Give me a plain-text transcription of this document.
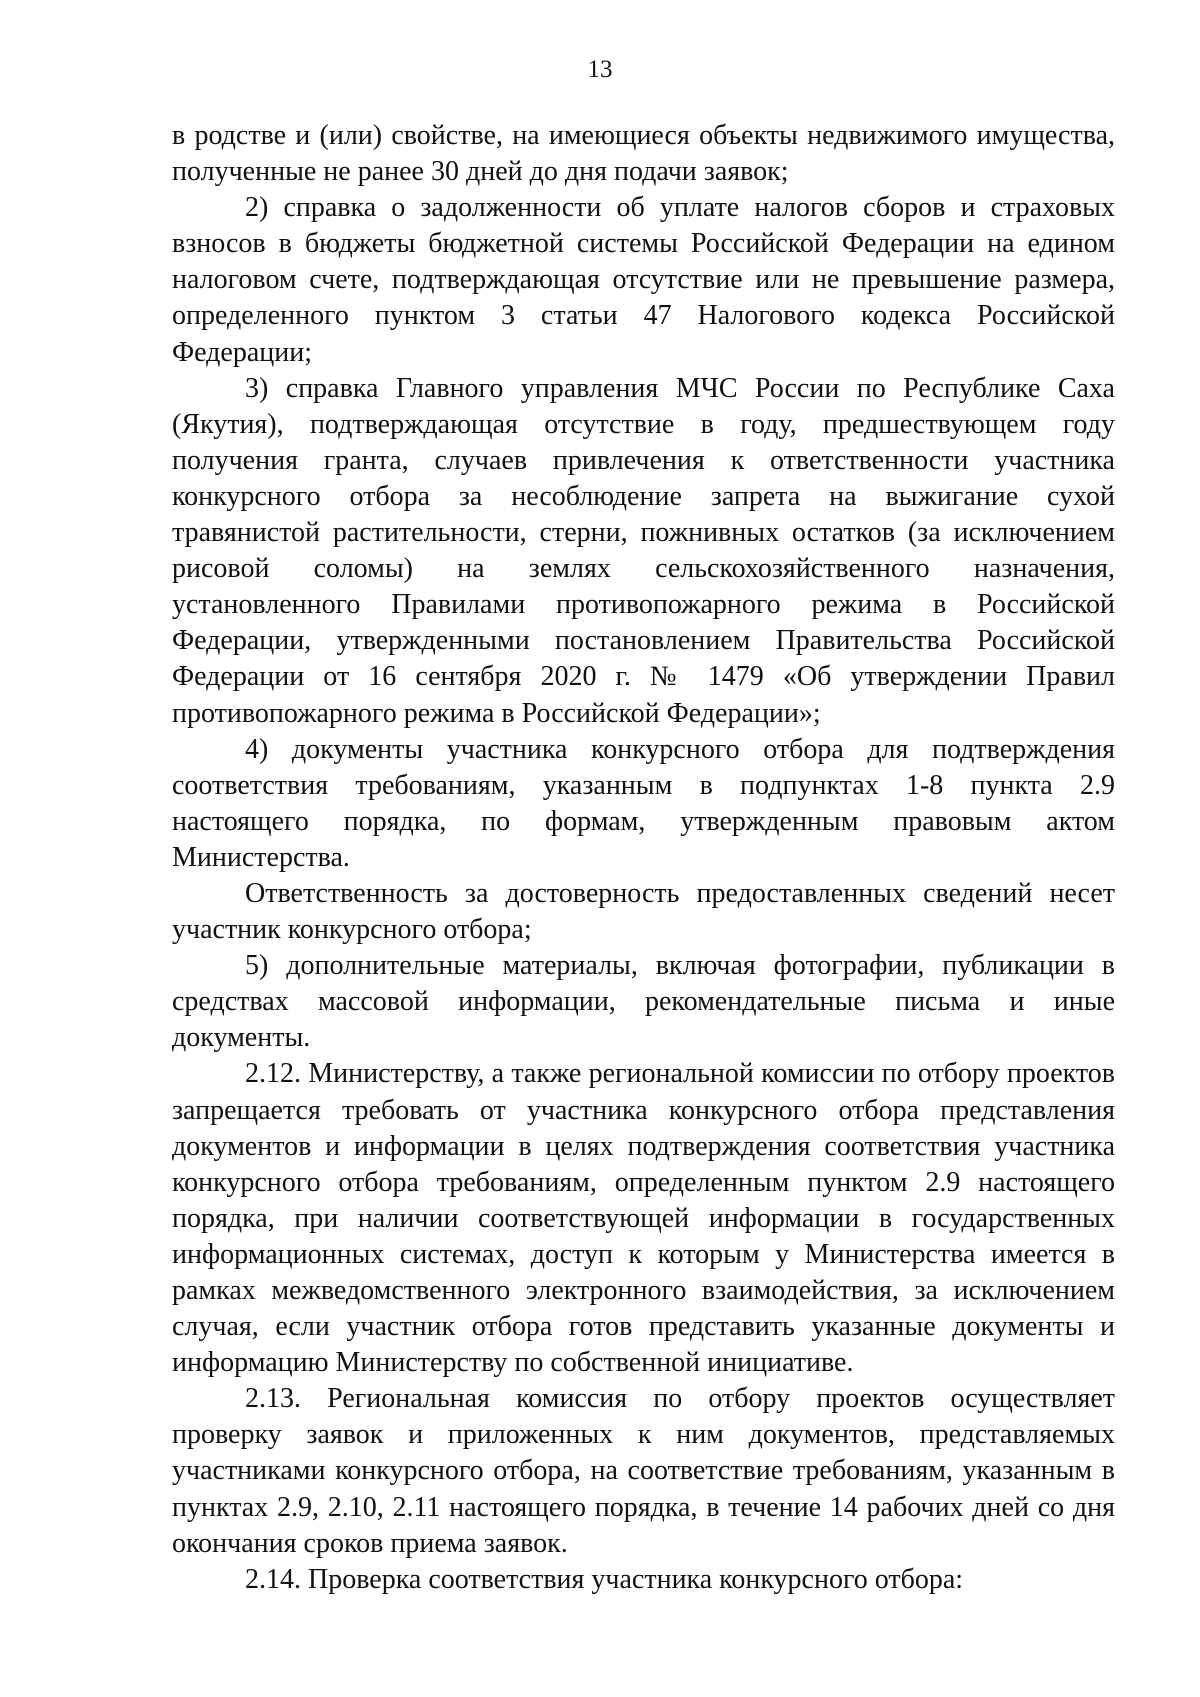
13

в родстве и (или) свойстве, на имеющиеся объекты недвижимого имущества, полученные не ранее 30 дней до дня подачи заявок;

2) справка о задолженности об уплате налогов сборов и страховых взносов в бюджеты бюджетной системы Российской Федерации на едином налоговом счете, подтверждающая отсутствие или не превышение размера, определенного пунктом 3 статьи 47 Налогового кодекса Российской Федерации;

3) справка Главного управления МЧС России по Республике Саха (Якутия), подтверждающая отсутствие в году, предшествующем году получения гранта, случаев привлечения к ответственности участника конкурсного отбора за несоблюдение запрета на выжигание сухой травянистой растительности, стерни, пожнивных остатков (за исключением рисовой соломы) на землях сельскохозяйственного назначения, установленного Правилами противопожарного режима в Российской Федерации, утвержденными постановлением Правительства Российской Федерации от 16 сентября 2020 г. № 1479 «Об утверждении Правил противопожарного режима в Российской Федерации»;

4) документы участника конкурсного отбора для подтверждения соответствия требованиям, указанным в подпунктах 1-8 пункта 2.9 настоящего порядка, по формам, утвержденным правовым актом Министерства.

Ответственность за достоверность предоставленных сведений несет участник конкурсного отбора;

5) дополнительные материалы, включая фотографии, публикации в средствах массовой информации, рекомендательные письма и иные документы.

2.12. Министерству, а также региональной комиссии по отбору проектов запрещается требовать от участника конкурсного отбора представления документов и информации в целях подтверждения соответствия участника конкурсного отбора требованиям, определенным пунктом 2.9 настоящего порядка, при наличии соответствующей информации в государственных информационных системах, доступ к которым у Министерства имеется в рамках межведомственного электронного взаимодействия, за исключением случая, если участник отбора готов представить указанные документы и информацию Министерству по собственной инициативе.

2.13. Региональная комиссия по отбору проектов осуществляет проверку заявок и приложенных к ним документов, представляемых участниками конкурсного отбора, на соответствие требованиям, указанным в пунктах 2.9, 2.10, 2.11 настоящего порядка, в течение 14 рабочих дней со дня окончания сроков приема заявок.

2.14. Проверка соответствия участника конкурсного отбора:
